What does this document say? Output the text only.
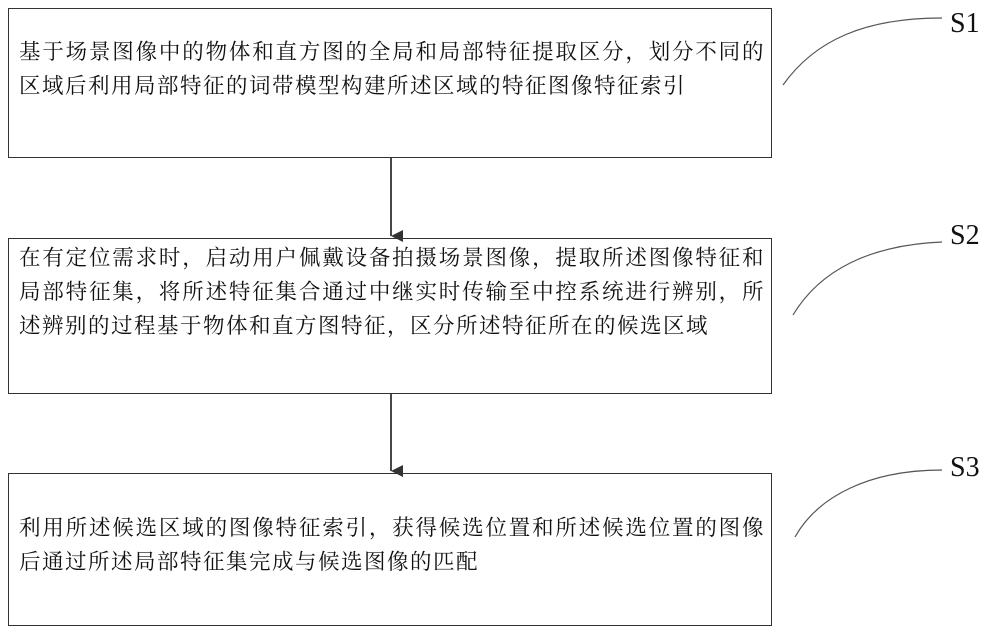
基于场景图像中的物体和直方图的全局和局部特征提取区分，划分不同的区域后利用局部特征的词带模型构建所述区域的特征图像特征索引

在有定位需求时，启动用户佩戴设备拍摄场景图像，提取所述图像特征和局部特征集，将所述特征集合通过中继实时传输至中控系统进行辨别，所述辨别的过程基于物体和直方图特征，区分所述特征所在的候选区域

利用所述候选区域的图像特征索引，获得候选位置和所述候选位置的图像后通过所述局部特征集完成与候选图像的匹配

S1
S2
S3
